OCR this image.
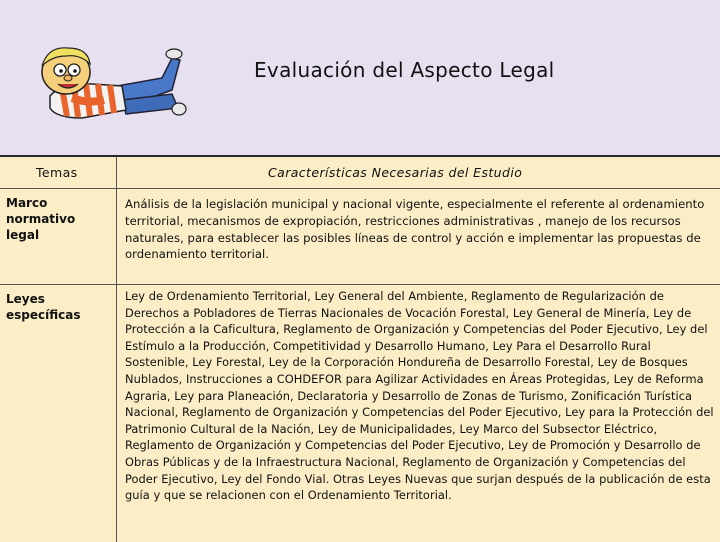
Evaluación del Aspecto Legal
Temas	Características Necesarias del Estudio
Marco normativo legal
Análisis de la legislación municipal y nacional vigente, especialmente el referente al ordenamiento territorial, mecanismos de expropiación, restricciones administrativas , manejo de los recursos naturales, para establecer las posibles líneas de control y acción e implementar las propuestas de ordenamiento territorial.
Leyes específicas
Ley de Ordenamiento Territorial, Ley General del Ambiente, Reglamento de Regularización de Derechos a Pobladores de Tierras Nacionales de Vocación Forestal, Ley General de Minería, Ley de Protección a la Caficultura, Reglamento de Organización y Competencias del Poder Ejecutivo, Ley del Estímulo a la Producción, Competitividad y Desarrollo Humano, Ley Para el Desarrollo Rural Sostenible, Ley Forestal, Ley de la Corporación Hondureña de Desarrollo Forestal, Ley de Bosques Nublados, Instrucciones a COHDEFOR para Agilizar Actividades en Áreas Protegidas, Ley de Reforma Agraria, Ley para Planeación, Declaratoria y Desarrollo de Zonas de Turismo, Zonificación Turística Nacional, Reglamento de Organización y Competencias del Poder Ejecutivo, Ley para la Protección del Patrimonio Cultural de la Nación, Ley de Municipalidades, Ley Marco del Subsector Eléctrico, Reglamento de Organización y Competencias del Poder Ejecutivo, Ley de Promoción y Desarrollo de Obras Públicas y de la Infraestructura Nacional, Reglamento de Organización y Competencias del Poder Ejecutivo, Ley del Fondo Vial. Otras Leyes Nuevas que surjan después de la publicación de esta guía y que se relacionen con el Ordenamiento Territorial.
